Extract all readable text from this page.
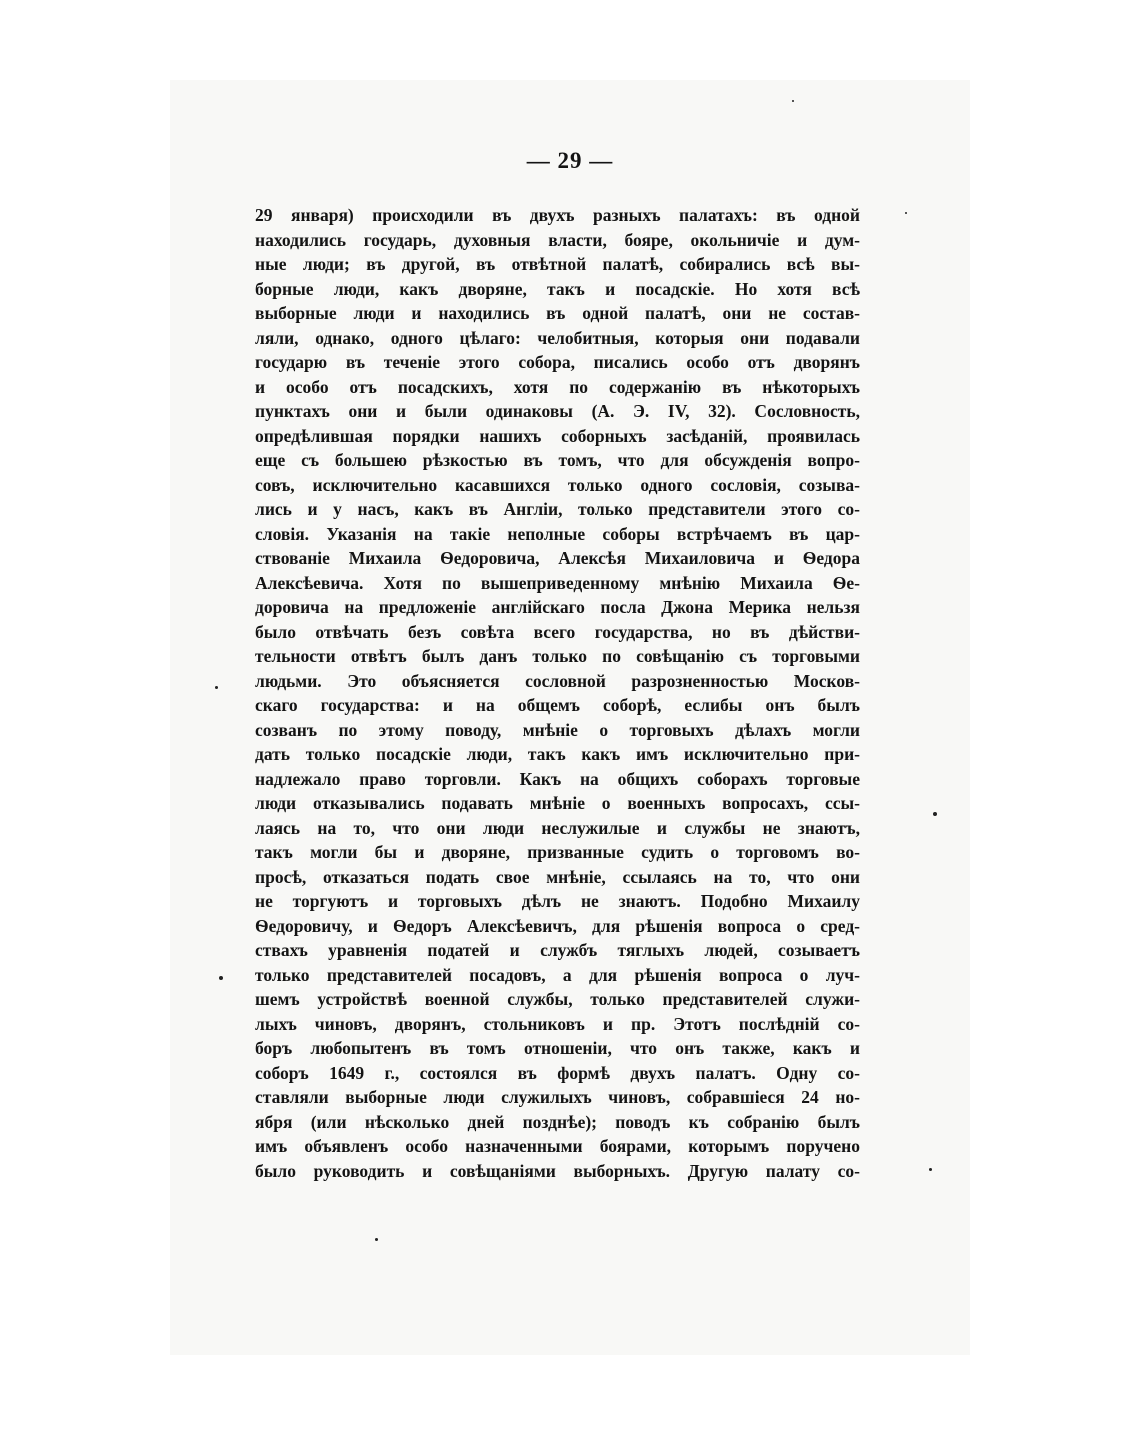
— 29 —
29 января) происходили въ двухъ разныхъ палатахъ: въ одной
находились государь, духовныя власти, бояре, окольничіе и дум-
ные люди; въ другой, въ отвѣтной палатѣ, собирались всѣ вы-
борные люди, какъ дворяне, такъ и посадскіе. Но хотя всѣ
выборные люди и находились въ одной палатѣ, они не состав-
ляли, однако, одного цѣлаго: челобитныя, которыя они подавали
государю въ теченіе этого собора, писались особо отъ дворянъ
и особо отъ посадскихъ, хотя по содержанію въ нѣкоторыхъ
пунктахъ они и были одинаковы (А. Э. IV, 32). Сословность,
опредѣлившая порядки нашихъ соборныхъ засѣданій, проявилась
еще съ большею рѣзкостью въ томъ, что для обсужденія вопро-
совъ, исключительно касавшихся только одного сословія, созыва-
лись и у насъ, какъ въ Англіи, только представители этого со-
словія. Указанія на такіе неполные соборы встрѣчаемъ въ цар-
ствованіе Михаила Ѳедоровича, Алексѣя Михаиловича и Ѳедора
Алексѣевича. Хотя по вышеприведенному мнѣнію Михаила Ѳе-
доровича на предложеніе англійскаго посла Джона Мерика нельзя
было отвѣчать безъ совѣта всего государства, но въ дѣйстви-
тельности отвѣтъ былъ данъ только по совѣщанію съ торговыми
людьми. Это объясняется сословной разрозненностью Москов-
скаго государства: и на общемъ соборѣ, еслибы онъ былъ
созванъ по этому поводу, мнѣніе о торговыхъ дѣлахъ могли
дать только посадскіе люди, такъ какъ имъ исключительно при-
надлежало право торговли. Какъ на общихъ соборахъ торговые
люди отказывались подавать мнѣніе о военныхъ вопросахъ, ссы-
лаясь на то, что они люди неслужилые и службы не знаютъ,
такъ могли бы и дворяне, призванные судить о торговомъ во-
просѣ, отказаться подать свое мнѣніе, ссылаясь на то, что они
не торгуютъ и торговыхъ дѣлъ не знаютъ. Подобно Михаилу
Ѳедоровичу, и Ѳедоръ Алексѣевичъ, для рѣшенія вопроса о сред-
ствахъ уравненія податей и службъ тяглыхъ людей, созываетъ
только представителей посадовъ, а для рѣшенія вопроса о луч-
шемъ устройствѣ военной службы, только представителей служи-
лыхъ чиновъ, дворянъ, стольниковъ и пр. Этотъ послѣдній со-
боръ любопытенъ въ томъ отношеніи, что онъ также, какъ и
соборъ 1649 г., состоялся въ формѣ двухъ палатъ. Одну со-
ставляли выборные люди служилыхъ чиновъ, собравшіеся 24 но-
ября (или нѣсколько дней позднѣе); поводъ къ собранію былъ
имъ объявленъ особо назначенными боярами, которымъ поручено
было руководить и совѣщаніями выборныхъ. Другую палату со-
